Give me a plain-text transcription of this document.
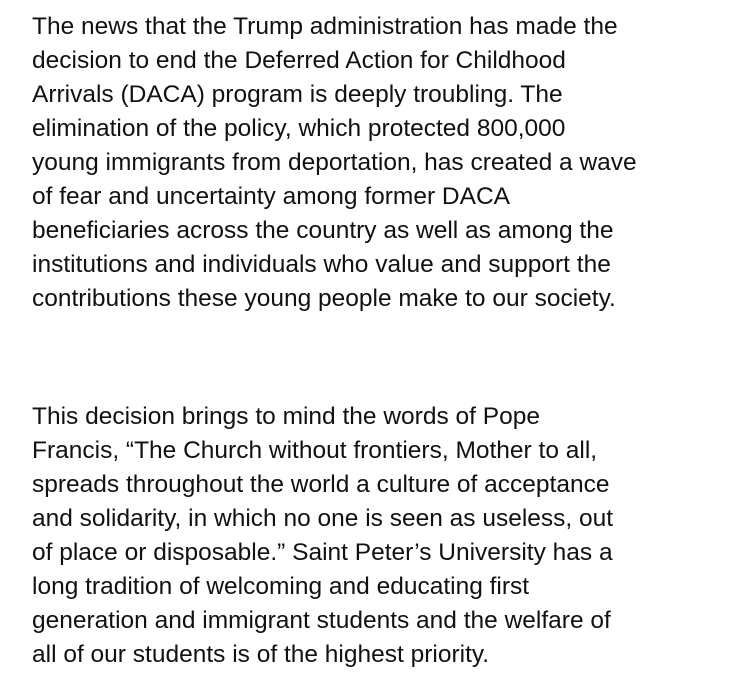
The news that the Trump administration has made the
decision to end the Deferred Action for Childhood
Arrivals (DACA) program is deeply troubling. The
elimination of the policy, which protected 800,000
young immigrants from deportation, has created a wave
of fear and uncertainty among former DACA
beneficiaries across the country as well as among the
institutions and individuals who value and support the
contributions these young people make to our society.
This decision brings to mind the words of Pope
Francis, “The Church without frontiers, Mother to all,
spreads throughout the world a culture of acceptance
and solidarity, in which no one is seen as useless, out
of place or disposable.” Saint Peter’s University has a
long tradition of welcoming and educating first
generation and immigrant students and the welfare of
all of our students is of the highest priority.
